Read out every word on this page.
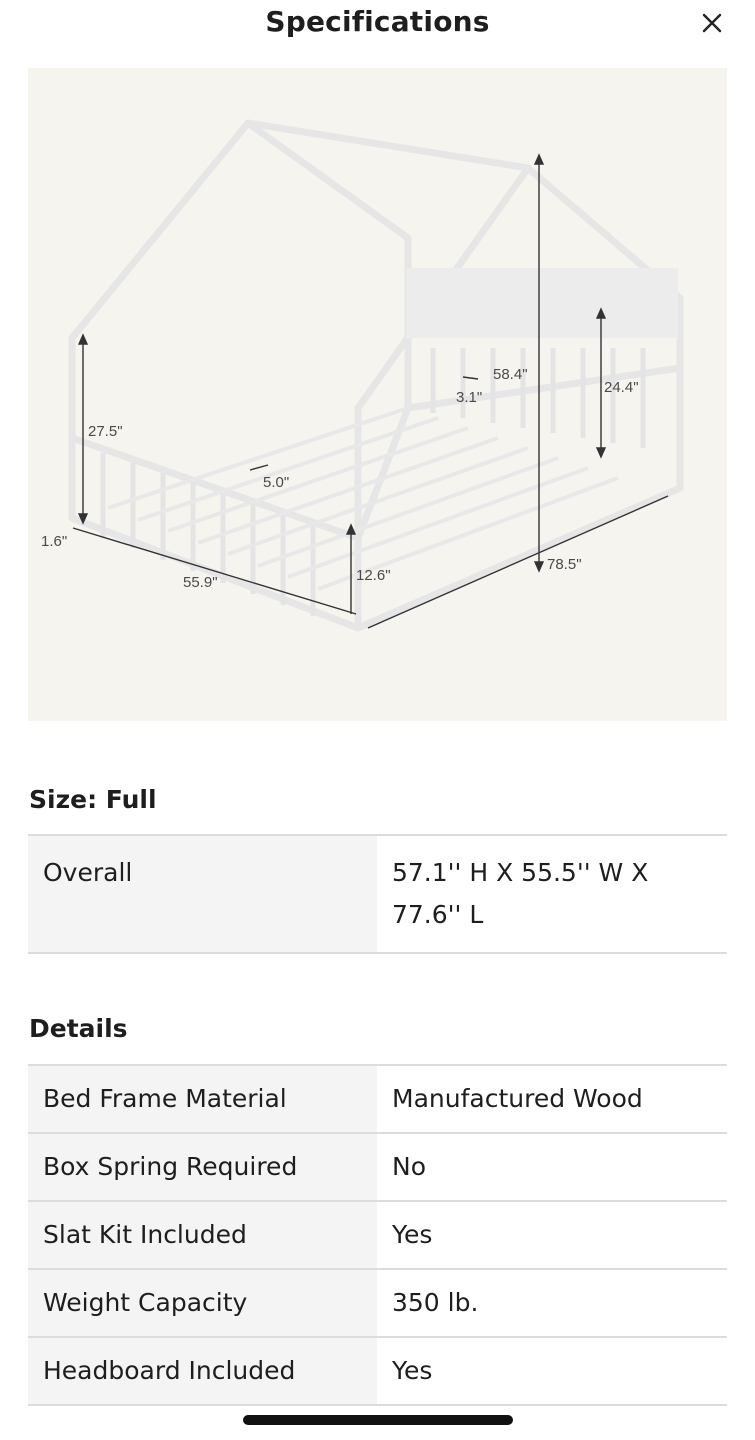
Specifications
58.4"
24.4"
27.5"
1.6"
55.9"	12.6"
78.5"
5.0"
3.1"
Size: Full
Overall	57.1'' H X 55.5'' W X 77.6'' L
Details
Bed Frame Material	Manufactured Wood
Box Spring Required	No
Slat Kit Included	Yes
Weight Capacity	350 lb.
Headboard Included	Yes
